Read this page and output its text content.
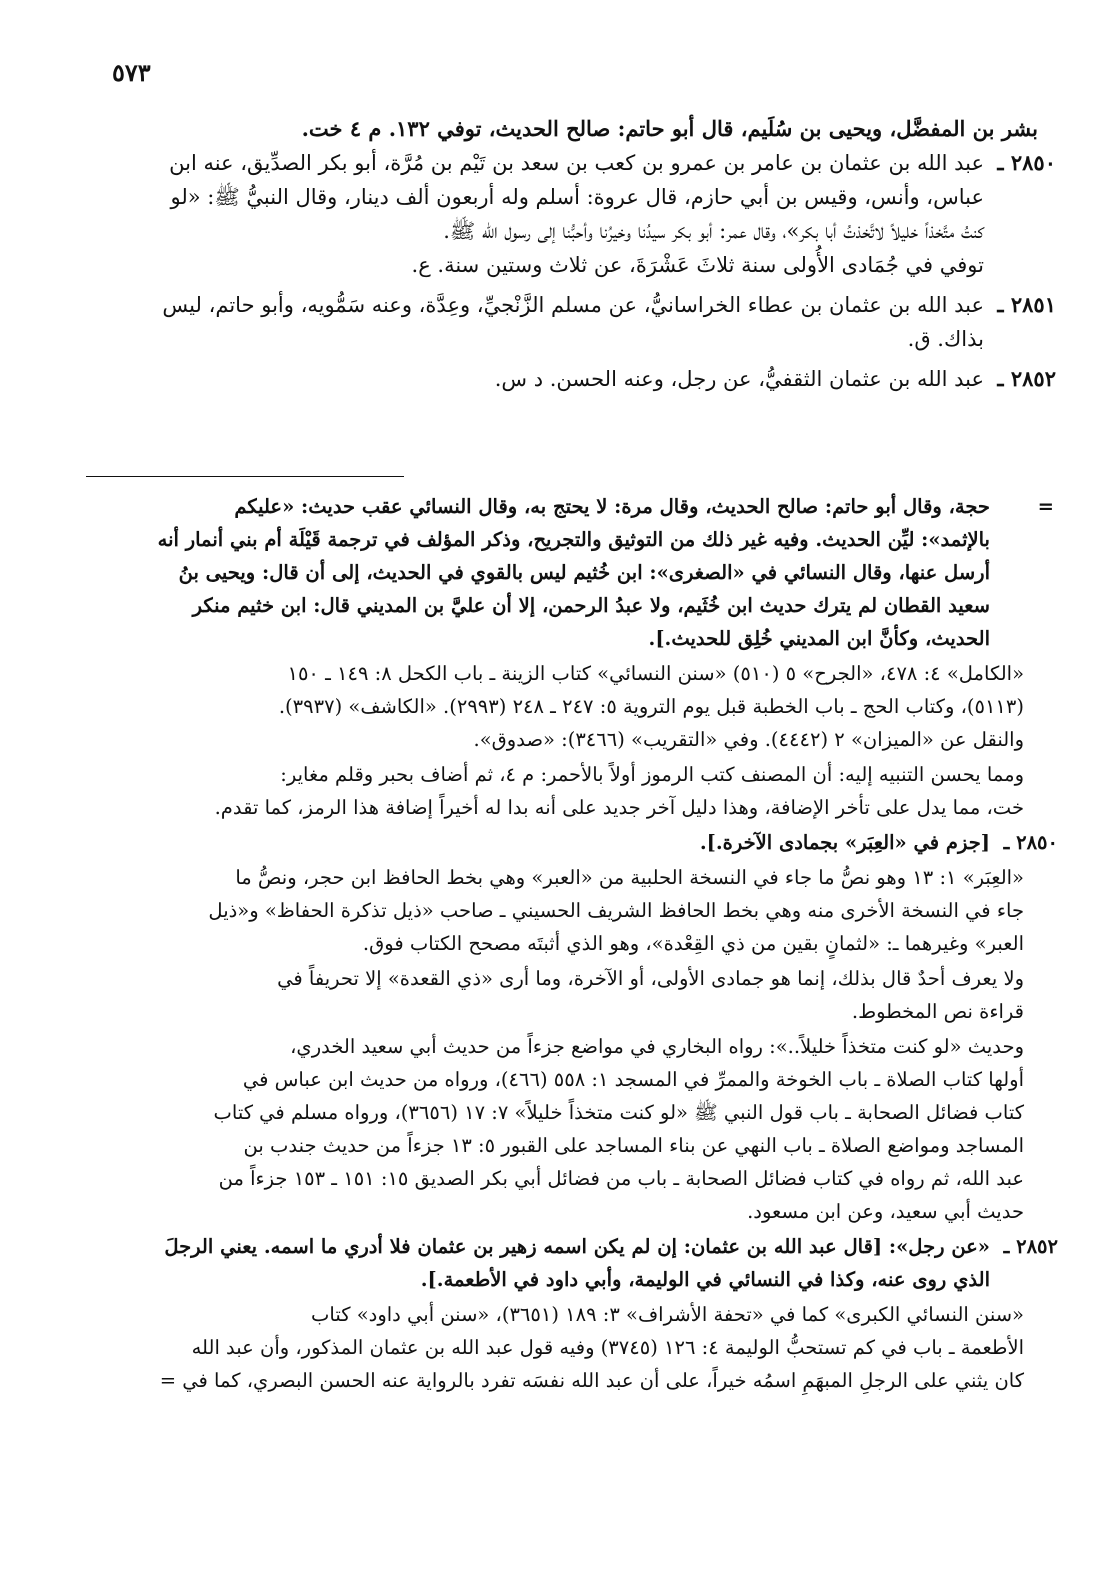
٥٧٣
بشر بن المفضَّل، ويحيى بن سُلَيم، قال أبو حاتم: صالح الحديث، توفي ١٣٢. م ٤ خت.
٢٨٥٠ ـ
عبد الله بن عثمان بن عامر بن عمرو بن كعب بن سعد بن تَيْم بن مُرَّة، أبو بكر الصدِّيق، عنه ابن
عباس، وأنس، وقيس بن أبي حازم، قال عروة: أسلم وله أربعون ألف دينار، وقال النبيُّ ﷺ: «لو
كنتُ متَّخذاً خليلاً لاتَّخذتُ أبا بكر»، وقال عمر: أبو بكر سيدُنا وخيرُنا وأحبُّنا إلى رسول الله ﷺ.
توفي في جُمَادى الأُولى سنة ثلاثَ عَشْرَةَ، عن ثلاث وستين سنة. ع.
٢٨٥١ ـ
عبد الله بن عثمان بن عطاء الخراسانيُّ، عن مسلم الزَّنْجيِّ، وعِدَّة، وعنه سَمُّويه، وأبو حاتم، ليس
بذاك. ق.
٢٨٥٢ ـ
عبد الله بن عثمان الثقفيُّ، عن رجل، وعنه الحسن. د س.
=
حجة، وقال أبو حاتم: صالح الحديث، وقال مرة: لا يحتج به، وقال النسائي عقب حديث: «عليكم
بالإثمد»: ليِّن الحديث. وفيه غير ذلك من التوثيق والتجريح، وذكر المؤلف في ترجمة قَيْلَة أم بني أنمار أنه
أرسل عنها، وقال النسائي في «الصغرى»: ابن خُثيم ليس بالقوي في الحديث، إلى أن قال: ويحيى بنُ
سعيد القطان لم يترك حديث ابن خُثَيم، ولا عبدُ الرحمن، إلا أن عليَّ بن المديني قال: ابن خثيم منكر
الحديث، وكأنَّ ابن المديني خُلِق للحديث.].
«الكامل» ٤: ٤٧٨، «الجرح» ٥ (٥١٠) «سنن النسائي» كتاب الزينة ـ باب الكحل ٨: ١٤٩ ـ ١٥٠
(٥١١٣)، وكتاب الحج ـ باب الخطبة قبل يوم التروية ٥: ٢٤٧ ـ ٢٤٨ (٢٩٩٣). «الكاشف» (٣٩٣٧).
والنقل عن «الميزان» ٢ (٤٤٤٢). وفي «التقريب» (٣٤٦٦): «صدوق».
ومما يحسن التنبيه إليه: أن المصنف كتب الرموز أولاً بالأحمر: م ٤، ثم أضاف بحبر وقلم مغاير:
خت، مما يدل على تأخر الإضافة، وهذا دليل آخر جديد على أنه بدا له أخيراً إضافة هذا الرمز، كما تقدم.
٢٨٥٠ ـ
[جزم في «العِبَر» بجمادى الآخرة.].
«العِبَر» ١: ١٣ وهو نصُّ ما جاء في النسخة الحلبية من «العبر» وهي بخط الحافظ ابن حجر، ونصُّ ما
جاء في النسخة الأخرى منه وهي بخط الحافظ الشريف الحسيني ـ صاحب «ذيل تذكرة الحفاظ» و«ذيل
العبر» وغيرهما ـ: «لثمانٍ بقين من ذي القِعْدة»، وهو الذي أثبتَه مصحح الكتاب فوق.
ولا يعرف أحدٌ قال بذلك، إنما هو جمادى الأولى، أو الآخرة، وما أرى «ذي القعدة» إلا تحريفاً في
قراءة نص المخطوط.
وحديث «لو كنت متخذاً خليلاً..»: رواه البخاري في مواضع جزءاً من حديث أبي سعيد الخدري،
أولها كتاب الصلاة ـ باب الخوخة والممرِّ في المسجد ١: ٥٥٨ (٤٦٦)، ورواه من حديث ابن عباس في
كتاب فضائل الصحابة ـ باب قول النبي ﷺ «لو كنت متخذاً خليلاً» ٧: ١٧ (٣٦٥٦)، ورواه مسلم في كتاب
المساجد ومواضع الصلاة ـ باب النهي عن بناء المساجد على القبور ٥: ١٣ جزءاً من حديث جندب بن
عبد الله، ثم رواه في كتاب فضائل الصحابة ـ باب من فضائل أبي بكر الصديق ١٥: ١٥١ ـ ١٥٣ جزءاً من
حديث أبي سعيد، وعن ابن مسعود.
٢٨٥٢ ـ
«عن رجل»: [قال عبد الله بن عثمان: إن لم يكن اسمه زهير بن عثمان فلا أدري ما اسمه. يعني الرجلَ
الذي روى عنه، وكذا في النسائي في الوليمة، وأبي داود في الأطعمة.].
«سنن النسائي الكبرى» كما في «تحفة الأشراف» ٣: ١٨٩ (٣٦٥١)، «سنن أبي داود» كتاب
الأطعمة ـ باب في كم تستحبُّ الوليمة ٤: ١٢٦ (٣٧٤٥) وفيه قول عبد الله بن عثمان المذكور، وأن عبد الله
كان يثني على الرجلِ المبهَمِ اسمُه خيراً، على أن عبد الله نفسَه تفرد بالرواية عنه الحسن البصري، كما في =
